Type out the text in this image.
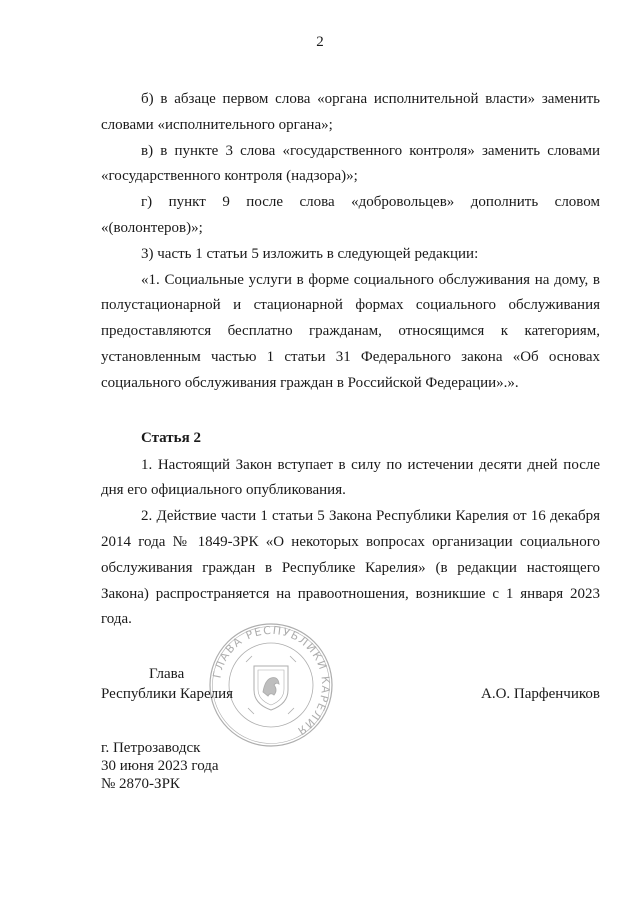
2

б) в абзаце первом слова «органа исполнительной власти» заменить словами «исполнительного органа»;

в) в пункте 3 слова «государственного контроля» заменить словами «государственного контроля (надзора)»;

г) пункт 9 после слова «добровольцев» дополнить словом «(волонтеров)»;

3) часть 1 статьи 5 изложить в следующей редакции:

«1. Социальные услуги в форме социального обслуживания на дому, в полустационарной и стационарной формах социального обслуживания предоставляются бесплатно гражданам, относящимся к категориям, установленным частью 1 статьи 31 Федерального закона «Об основах социального обслуживания граждан в Российской Федерации».».

Статья 2

1. Настоящий Закон вступает в силу по истечении десяти дней после дня его официального опубликования.

2. Действие части 1 статьи 5 Закона Республики Карелия от 16 декабря 2014 года № 1849-ЗРК «О некоторых вопросах организации социального обслуживания граждан в Республике Карелия» (в редакции настоящего Закона) распространяется на правоотношения, возникшие с 1 января 2023 года.

ГЛАВА РЕСПУБЛИКИ КАРЕЛИЯ
Глава
Республики Карелия	А.О. Парфенчиков
г. Петрозаводск
30 июня 2023 года
№ 2870-ЗРК
